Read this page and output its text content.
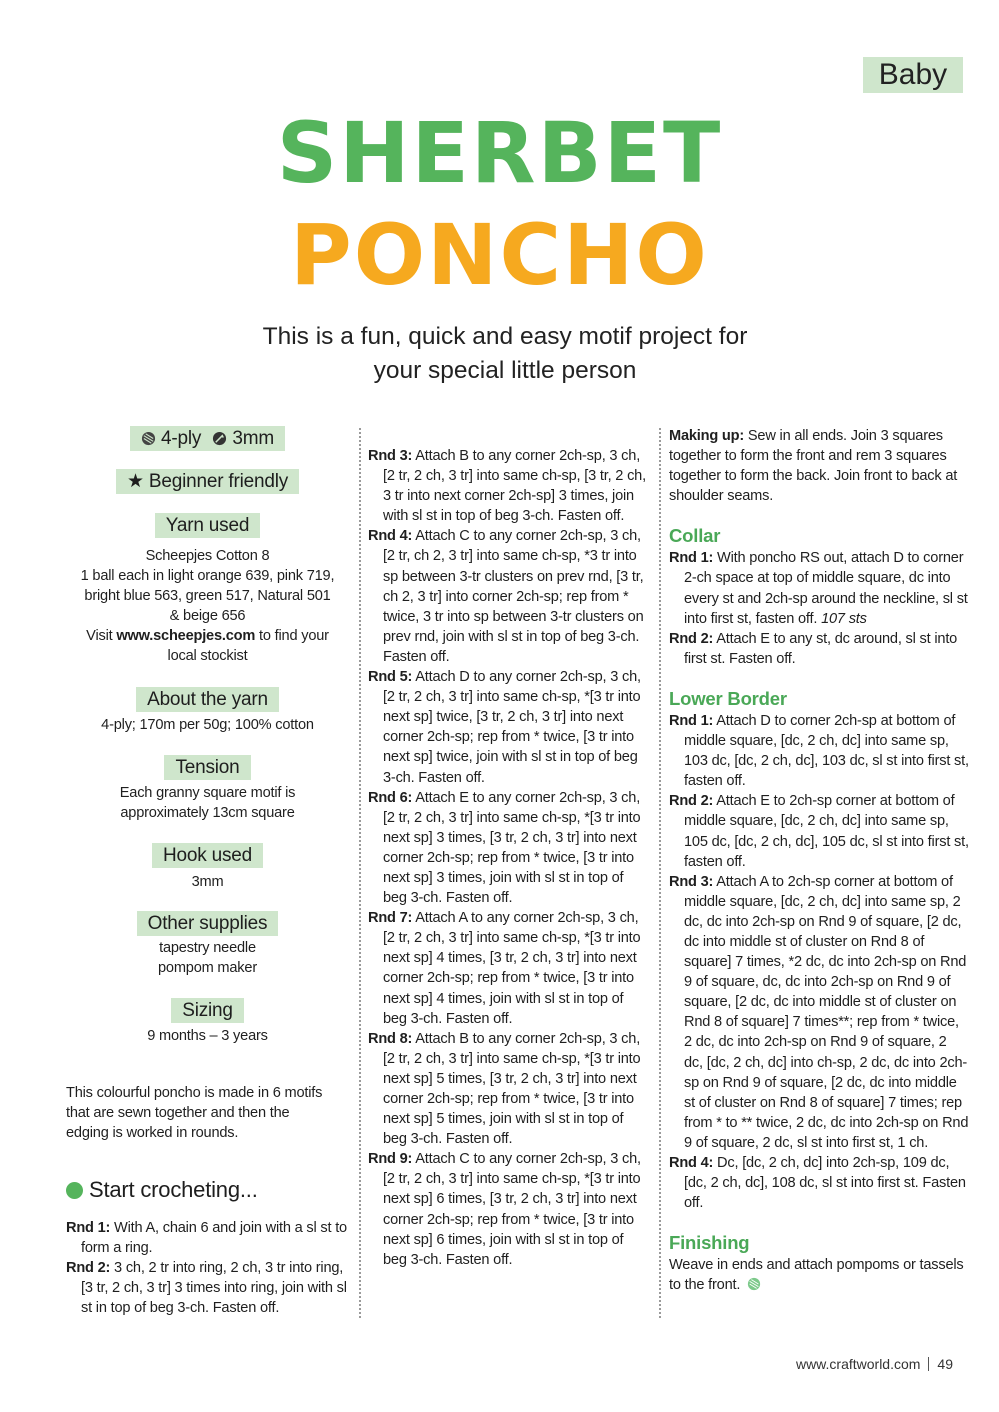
Baby
SHERBET
PONCHO
This is a fun, quick and easy motif project for
your special little person
4-ply 3mm
★ Beginner friendly
Yarn used
Scheepjes Cotton 8
1 ball each in light orange 639, pink 719,
bright blue 563, green 517, Natural 501
& beige 656
Visit www.scheepjes.com to find your
local stockist
About the yarn
4-ply; 170m per 50g; 100% cotton
Tension
Each granny square motif is
approximately 13cm square
Hook used
3mm
Other supplies
tapestry needle
pompom maker
Sizing
9 months – 3 years
This colourful poncho is made in 6 motifs
that are sewn together and then the
edging is worked in rounds.
Start crocheting...
Rnd 1: With A, chain 6 and join with a sl st to form a ring.
Rnd 2: 3 ch, 2 tr into ring, 2 ch, 3 tr into ring, [3 tr, 2 ch, 3 tr] 3 times into ring, join with sl st in top of beg 3-ch. Fasten off.
Rnd 3: Attach B to any corner 2ch-sp, 3 ch, [2 tr, 2 ch, 3 tr] into same ch-sp, [3 tr, 2 ch, 3 tr into next corner 2ch-sp] 3 times, join with sl st in top of beg 3-ch. Fasten off.
Rnd 4: Attach C to any corner 2ch-sp, 3 ch, [2 tr, ch 2, 3 tr] into same ch-sp, *3 tr into sp between 3-tr clusters on prev rnd, [3 tr, ch 2, 3 tr] into corner 2ch-sp; rep from * twice, 3 tr into sp between 3-tr clusters on prev rnd, join with sl st in top of beg 3-ch. Fasten off.
Rnd 5: Attach D to any corner 2ch-sp, 3 ch, [2 tr, 2 ch, 3 tr] into same ch-sp, *[3 tr into next sp] twice, [3 tr, 2 ch, 3 tr] into next corner 2ch-sp; rep from * twice, [3 tr into next sp] twice, join with sl st in top of beg 3-ch. Fasten off.
Rnd 6: Attach E to any corner 2ch-sp, 3 ch, [2 tr, 2 ch, 3 tr] into same ch-sp, *[3 tr into next sp] 3 times, [3 tr, 2 ch, 3 tr] into next corner 2ch-sp; rep from * twice, [3 tr into next sp] 3 times, join with sl st in top of beg 3-ch. Fasten off.
Rnd 7: Attach A to any corner 2ch-sp, 3 ch, [2 tr, 2 ch, 3 tr] into same ch-sp, *[3 tr into next sp] 4 times, [3 tr, 2 ch, 3 tr] into next corner 2ch-sp; rep from * twice, [3 tr into next sp] 4 times, join with sl st in top of beg 3-ch. Fasten off.
Rnd 8: Attach B to any corner 2ch-sp, 3 ch, [2 tr, 2 ch, 3 tr] into same ch-sp, *[3 tr into next sp] 5 times, [3 tr, 2 ch, 3 tr] into next corner 2ch-sp; rep from * twice, [3 tr into next sp] 5 times, join with sl st in top of beg 3-ch. Fasten off.
Rnd 9: Attach C to any corner 2ch-sp, 3 ch, [2 tr, 2 ch, 3 tr] into same ch-sp, *[3 tr into next sp] 6 times, [3 tr, 2 ch, 3 tr] into next corner 2ch-sp; rep from * twice, [3 tr into next sp] 6 times, join with sl st in top of beg 3-ch. Fasten off.
Making up: Sew in all ends. Join 3 squares together to form the front and rem 3 squares together to form the back. Join front to back at shoulder seams.
Collar
Rnd 1: With poncho RS out, attach D to corner 2-ch space at top of middle square, dc into every st and 2ch-sp around the neckline, sl st into first st, fasten off. 107 sts
Rnd 2: Attach E to any st, dc around, sl st into first st. Fasten off.
Lower Border
Rnd 1: Attach D to corner 2ch-sp at bottom of middle square, [dc, 2 ch, dc] into same sp, 103 dc, [dc, 2 ch, dc], 103 dc, sl st into first st, fasten off.
Rnd 2: Attach E to 2ch-sp corner at bottom of middle square, [dc, 2 ch, dc] into same sp, 105 dc, [dc, 2 ch, dc], 105 dc, sl st into first st, fasten off.
Rnd 3: Attach A to 2ch-sp corner at bottom of middle square, [dc, 2 ch, dc] into same sp, 2 dc, dc into 2ch-sp on Rnd 9 of square, [2 dc, dc into middle st of cluster on Rnd 8 of square] 7 times, *2 dc, dc into 2ch-sp on Rnd 9 of square, dc, dc into 2ch-sp on Rnd 9 of square, [2 dc, dc into middle st of cluster on Rnd 8 of square] 7 times**; rep from * twice, 2 dc, dc into 2ch-sp on Rnd 9 of square, 2 dc, [dc, 2 ch, dc] into ch-sp, 2 dc, dc into 2ch-sp on Rnd 9 of square, [2 dc, dc into middle st of cluster on Rnd 8 of square] 7 times; rep from * to ** twice, 2 dc, dc into 2ch-sp on Rnd 9 of square, 2 dc, sl st into first st, 1 ch.
Rnd 4: Dc, [dc, 2 ch, dc] into 2ch-sp, 109 dc, [dc, 2 ch, dc], 108 dc, sl st into first st. Fasten off.
Finishing
Weave in ends and attach pompoms or tassels to the front.
www.craftworld.com 49
